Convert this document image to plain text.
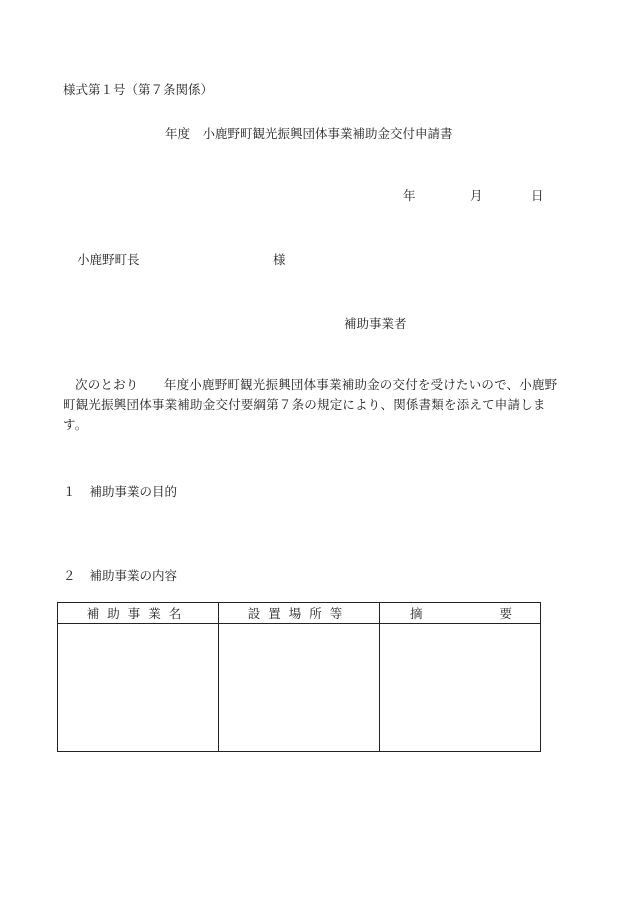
様式第１号（第７条関係）
年度　小鹿野町観光振興団体事業補助金交付申請書
年	月	日
小鹿野町長	様
補助事業者
次のとおり　　年度小鹿野町観光振興団体事業補助金の交付を受けたいので、小鹿野町観光振興団体事業補助金交付要綱第７条の規定により、関係書類を添えて申請します。
１ 補助事業の目的
２ 補助事業の内容
補助事業名	設置場所等	摘 要
